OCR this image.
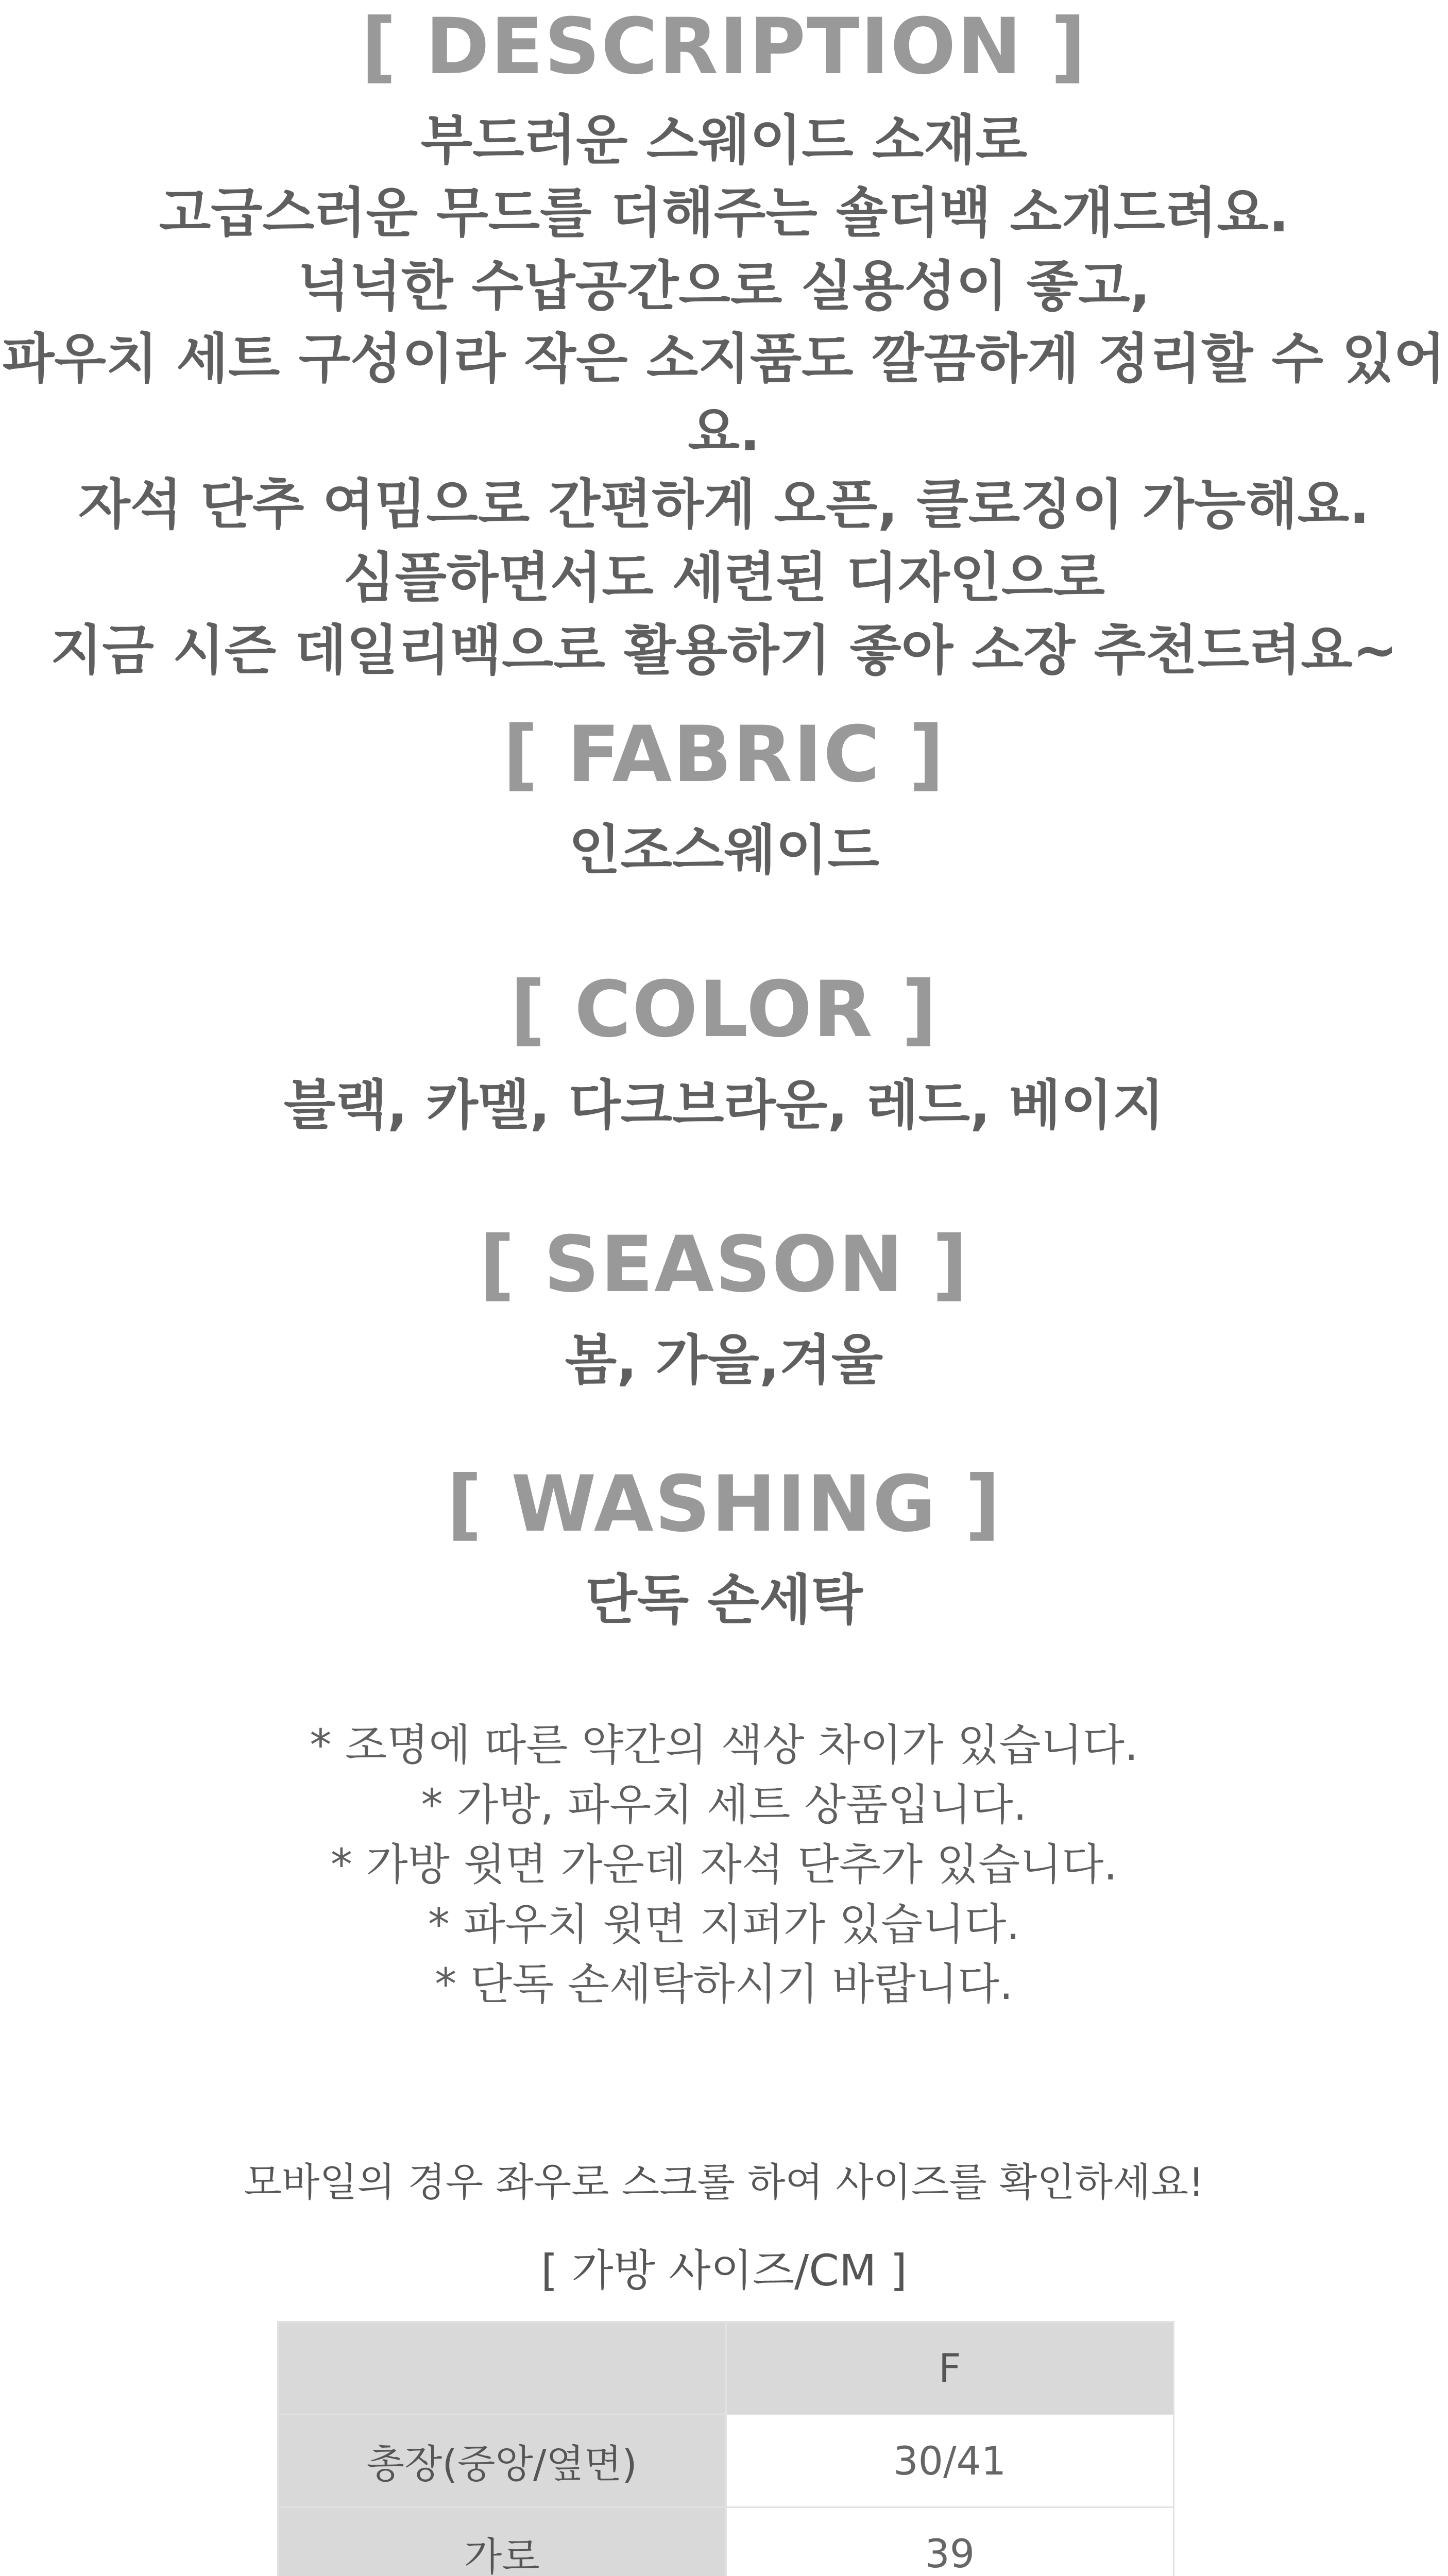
[ DESCRIPTION ]
부드러운 스웨이드 소재로
고급스러운 무드를 더해주는 숄더백 소개드려요.
넉넉한 수납공간으로 실용성이 좋고,
파우치 세트 구성이라 작은 소지품도 깔끔하게 정리할 수 있어요.
자석 단추 여밈으로 간편하게 오픈, 클로징이 가능해요.
심플하면서도 세련된 디자인으로
지금 시즌 데일리백으로 활용하기 좋아 소장 추천드려요~
[ FABRIC ]
인조스웨이드
[ COLOR ]
블랙, 카멜, 다크브라운, 레드, 베이지
[ SEASON ]
봄, 가을,겨울
[ WASHING ]
단독 손세탁
* 조명에 따른 약간의 색상 차이가 있습니다.
* 가방, 파우치 세트 상품입니다.
* 가방 윗면 가운데 자석 단추가 있습니다.
* 파우치 윗면 지퍼가 있습니다.
* 단독 손세탁하시기 바랍니다.
모바일의 경우 좌우로 스크롤 하여 사이즈를 확인하세요!
[ 가방 사이즈/CM ]
	F
총장(중앙/옆면)	30/41
가로	39
